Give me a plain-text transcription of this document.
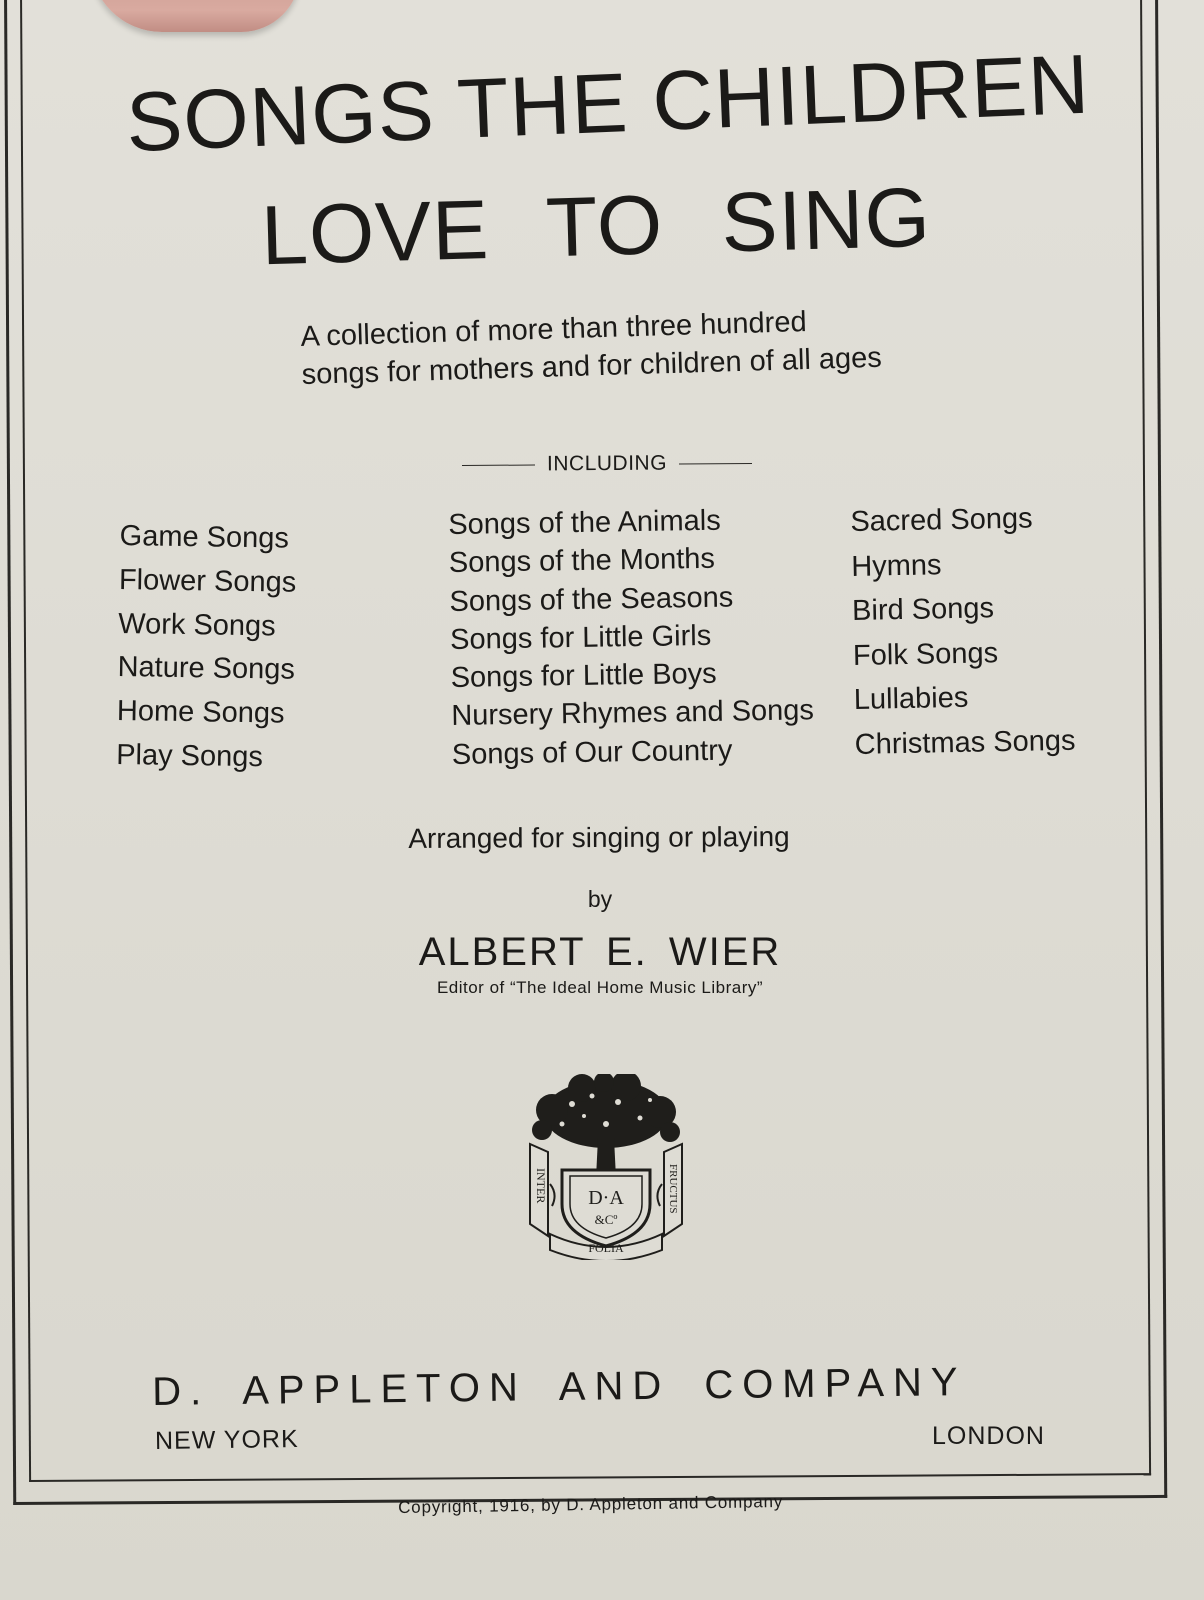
SONGS THE CHILDREN
LOVE TO SING
A collection of more than three hundred
songs for mothers and for children of all ages
INCLUDING
Game Songs
Flower Songs
Work Songs
Nature Songs
Home Songs
Play Songs
Songs of the Animals
Songs of the Months
Songs of the Seasons
Songs for Little Girls
Songs for Little Boys
Nursery Rhymes and Songs
Songs of Our Country
Sacred Songs
Hymns
Bird Songs
Folk Songs
Lullabies
Christmas Songs
Arranged for singing or playing
by
ALBERT E. WIER
Editor of “The Ideal Home Music Library”
INTER	FRUCTUS
FOLIA
D·A
&Cº
D. APPLETON AND COMPANY
NEW YORK	LONDON
Copyright, 1916, by D. Appleton and Company
